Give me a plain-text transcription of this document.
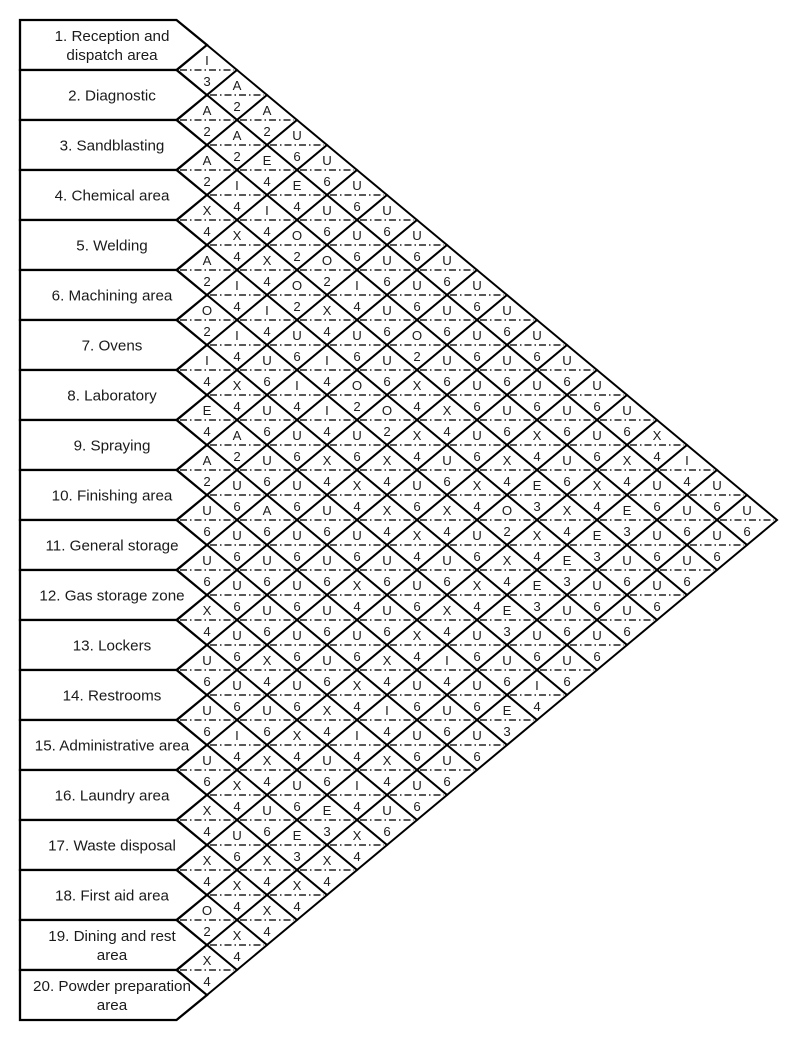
1. Reception and dispatch area
2. Diagnostic
3. Sandblasting
4. Chemical area
5. Welding
6. Machining area
7. Ovens
8. Laboratory
9. Spraying
10. Finishing area
11. General storage
12. Gas storage zone
13. Lockers
14. Restrooms
15. Administrative area
16. Laundry area
17. Waste disposal
18. First aid area
19. Dining and rest area
20. Powder preparation area
I
3 A
2 A
2 U
6 U
6 U
6 U
6 U
6 U
6 U
6 U
6 U
6 U
6 U
6 U
6 X
4 I
4 U
6 U
6
A
2 A
2 E
4 E
4 U
6 U
6 U
6 U
6 U
6 U
6 U
6 U
6 U
6 U
6 X
4 U
6 U
6 U
6
A
2 I
4 I
4 O
2 O
2 I
4 U
6 O
2 U
6 U
6 U
6 X
4 U
6 X
4 E
3 U
6 U
6
X
4 X
4 X
4 O
2 X
4 U
6 U
6 X
4 X
4 U
6 X
4 E
3 X
4 E
3 U
6 U
6
A
2 I
4 I
4 U
6 I
4 O
2 O
2 X
4 U
6 X
4 O
2 X
4 E
3 U
6 U
6
O
2 I
4 U
6 I
4 I
4 U
6 X
4 U
6 X
4 U
6 X
4 E
3 U
6 U
6
I
4 X
4 U
6 U
6 X
4 X
4 X
4 X
4 U
6 X
4 E
3 U
6 U
6
E
4 A
2 U
6 U
6 U
6 U
6 U
6 U
6 X
4 U
6 U
6 I
4
A
2 U
6 A
6 U
6 U
6 X
4 U
6 X
4 I
4 U
6 E
3
U
6 U
6 U
6 U
6 U
6 U
6 X
4 U
6 U
6 U
6
U
6 U
6 U
6 U
6 U
6 X
4 I
4 U
6 U
6
X
4 U
6 X
4 U
6 X
4 I
4 X
4 U
6
U
6 U
6 U
6 X
4 U
6 I
4 U
6
U
6 I
4 X
4 U
6 E
3 X
4
U
6 X
4 U
6 E
3 X
4
X
4 U
6 X
4 X
4
X
4 X
4 X
4
O
2 X
4
X
4
